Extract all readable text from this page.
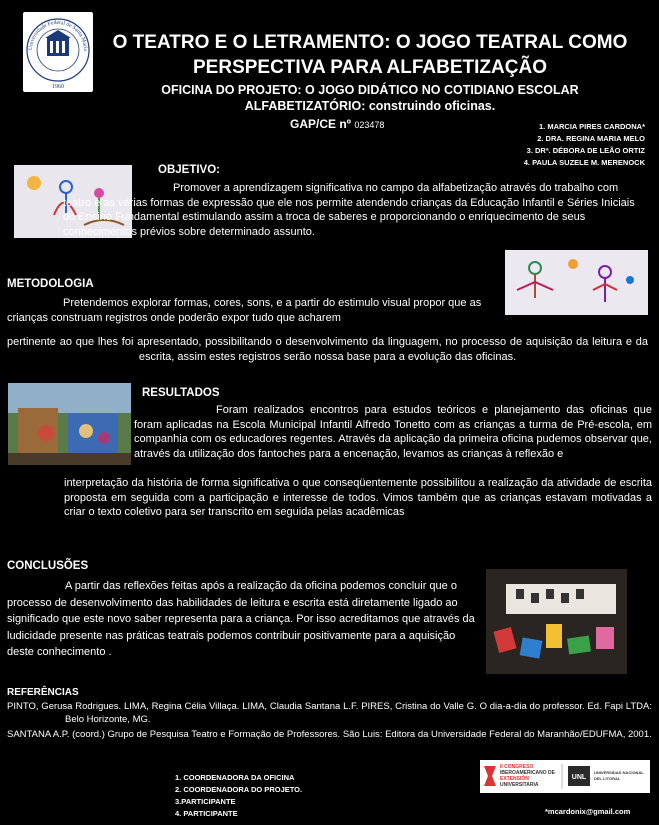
Universidade Federal de Santa Maria
1960
O TEATRO E O LETRAMENTO: O JOGO TEATRAL COMO PERSPECTIVA PARA ALFABETIZAÇÃO
OFICINA DO PROJETO: O JOGO DIDÁTICO NO COTIDIANO ESCOLAR
ALFABETIZATÓRIO: construindo oficinas.
GAP/CE nº 023478	1. MARCIA PIRES CARDONA*
2. DRA. REGINA MARIA MELO
3. DRª. DÉBORA DE LEÃO ORTIZ
4. PAULA SUZELE M. MERENOCK
OBJETIVO:
Promover a aprendizagem significativa no campo da alfabetização através do trabalho com teatro e as várias formas de expressão que ele nos permite atendendo crianças da Educação Infantil e Séries Iniciais do Ensino Fundamental estimulando assim a troca de saberes e proporcionando o enriquecimento de seus conhecimentos prévios sobre determinado assunto.
METODOLOGIA
Pretendemos explorar formas, cores, sons, e a partir do estimulo visual propor que as crianças construam registros onde poderão expor tudo que acharem
pertinente ao que lhes foi apresentado, possibilitando o desenvolvimento da linguagem, no processo de aquisição da leitura e da escrita, assim estes registros serão nossa base para a evolução das oficinas.
RESULTADOS
Foram realizados encontros para estudos teóricos e planejamento das oficinas que foram aplicadas na Escola Municipal Infantil Alfredo Tonetto com as crianças a turma de Pré-escola, em companhia com os educadores regentes. Através da aplicação da primeira oficina pudemos observar que, através da utilização dos fantoches para a encenação, levamos as crianças à reflexão e
interpretação da história de forma significativa o que conseqüentemente possibilitou a realização da atividade de escrita proposta em seguida com a participação e interesse de todos. Vimos também que as crianças estavam motivadas a criar o texto coletivo para ser transcrito em seguida pelas acadêmicas
CONCLUSÕES
A partir das reflexões feitas após a realização da oficina podemos concluir que o processo de desenvolvimento das habilidades de leitura e escrita está diretamente ligado ao significado que este novo saber representa para a criança. Por isso acreditamos que através da ludicidade presente nas práticas teatrais podemos contribuir positivamente para a aquisição deste conhecimento .
REFERÊNCIAS
PINTO, Gerusa Rodrigues. LIMA, Regina Célia Villaça. LIMA, Claudia Santana L.F. PIRES, Cristina do Valle G. O dia-a-dia do professor. Ed. Fapi LTDA: Belo Horizonte, MG.
SANTANA A.P. (coord.) Grupo de Pesquisa Teatro e Formação de Professores. São Luis: Editora da Universidade Federal do Maranhão/EDUFMA, 2001.
1. COORDENADORA DA OFICINA
2. COORDENADORA DO PROJETO.
3.PARTICIPANTE
4. PARTICIPANTE
II CONGRESO
IBEROAMERICANO DE
EXTENSIÓN
UNIVERSITARIA
UNL
UNIVERSIDAD NACIONAL
DEL LITORAL
*mcardonix@gmail.com
